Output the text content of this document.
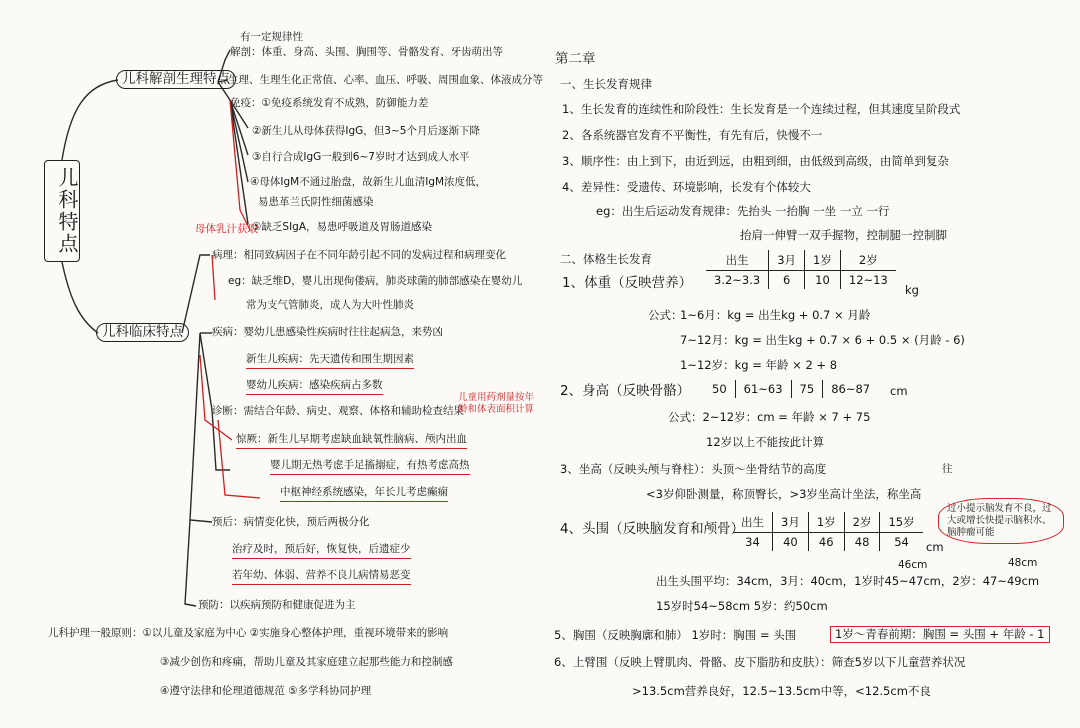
儿科特点
有一定规律性
解剖：体重、身高、头围、胸围等、骨骼发育、牙齿萌出等
儿科解剖生理特点
生理、生理生化正常值、心率、血压、呼吸、周围血象、体液成分等
免疫：①免疫系统发育不成熟，防御能力差
②新生儿从母体获得IgG，但3~5个月后逐渐下降
③自行合成IgG一般到6~7岁时才达到成人水平
④母体IgM不通过胎盘，故新生儿血清IgM浓度低，
易患革兰氏阴性细菌感染
母体乳汁获取
⑤缺乏SIgA，易患呼吸道及胃肠道感染
病理：相同致病因子在不同年龄引起不同的发病过程和病理变化
eg：缺乏维D，婴儿出现佝偻病，肺炎球菌的肺部感染在婴幼儿
常为支气管肺炎，成人为大叶性肺炎
儿科临床特点	疾病：婴幼儿患感染性疾病时往往起病急，来势凶
新生儿疾病：先天遗传和围生期因素
婴幼儿疾病：感染疾病占多数
诊断：需结合年龄、病史、观察、体格和辅助检查结果
儿童用药剂量按年龄和体表面积计算
惊厥：新生儿早期考虑缺血缺氧性脑病、颅内出血
婴儿期无热考虑手足搐搦症，有热考虑高热
中枢神经系统感染，年长儿考虑癫痫
预后：病情变化快，预后两极分化
治疗及时，预后好，恢复快，后遗症少
若年幼、体弱、营养不良儿病情易恶变
预防：以疾病预防和健康促进为主
儿科护理一般原则：①以儿童及家庭为中心 ②实施身心整体护理，重视环境带来的影响
③减少创伤和疼痛，帮助儿童及其家庭建立起那些能力和控制感
④遵守法律和伦理道德规范 ⑤多学科协同护理
第二章
一、生长发育规律
1、生长发育的连续性和阶段性：生长发育是一个连续过程，但其速度呈阶段式
2、各系统器官发育不平衡性，有先有后，快慢不一
3、顺序性：由上到下，由近到远，由粗到细，由低级到高级，由简单到复杂
4、差异性：受遗传、环境影响，长发有个体较大
eg：出生后运动发育规律：先抬头 一抬胸 一坐 一立 一行
抬肩一伸臂一双手握物，控制腿一控制脚
二、体格生长发育
1、体重（反映营养）
出生	3月	1岁	2岁
3.2~3.3	6	10	12~13
kg
公式：
1~6月：kg = 出生kg + 0.7 × 月龄
7~12月：kg = 出生kg + 0.7 × 6 + 0.5 × (月龄 - 6)
1~12岁：kg = 年龄 × 2 + 8
2、身高（反映骨骼） 50	61~63	75	86~87 cm
公式：2~12岁：cm = 年龄 × 7 + 75
12岁以上不能按此计算
3、坐高（反映头颅与脊柱）：头顶～坐骨结节的高度	往
<3岁仰卧测量，称顶臀长，>3岁坐高计坐法，称坐高
4、头围（反映脑发育和颅骨）
出生	3月	1岁	2岁	15岁
34	40	46	48	54 cm
过小提示脑发育不良，过大或增长快提示脑积水、脑肿瘤可能
46cm	48cm
出生头围平均：34cm，3月：40cm，1岁时45~47cm，2岁：47~49cm
15岁时54~58cm 5岁：约50cm
5、胸围（反映胸廓和肺） 1岁时：胸围 = 头围	1岁～青春前期：胸围 = 头围 + 年龄 - 1
6、上臂围（反映上臂肌肉、骨骼、皮下脂肪和皮肤）：筛查5岁以下儿童营养状况
>13.5cm营养良好，12.5~13.5cm中等，<12.5cm不良
